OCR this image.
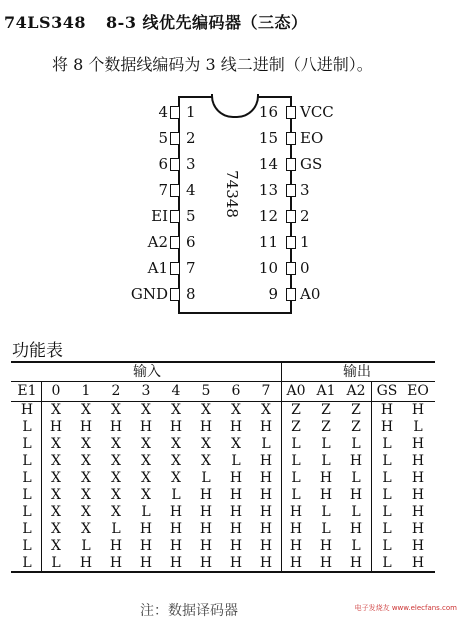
74LS348 8-3 线优先编码器（三态）
将 8 个数据线编码为 3 线二进制（八进制）。
74348
4 1
5 2
6 3
7 4
EI 5
A2 6
A1 7
GND 8
16 VCC
15 EO
14 GS
13 3
12 2
11 1
10 0
9 A0
功能表
输入									输出				
E1	0	1	2	3	4	5	6	7	A0	A1	A2	GS	EO
H	X	X	X	X	X	X	X	X	Z	Z	Z	H	H
L	H	H	H	H	H	H	H	H	Z	Z	Z	H	L
L	X	X	X	X	X	X	X	L	L	L	L	L	H
L	X	X	X	X	X	X	L	H	L	L	H	L	H
L	X	X	X	X	X	L	H	H	L	H	L	L	H
L	X	X	X	X	L	H	H	H	L	H	H	L	H
L	X	X	X	L	H	H	H	H	H	L	L	L	H
L	X	X	L	H	H	H	H	H	H	L	H	L	H
L	X	L	H	H	H	H	H	H	H	H	L	L	H
L	L	H	H	H	H	H	H	H	H	H	H	L	H
注：数据译码器	电子发烧友 www.elecfans.com
